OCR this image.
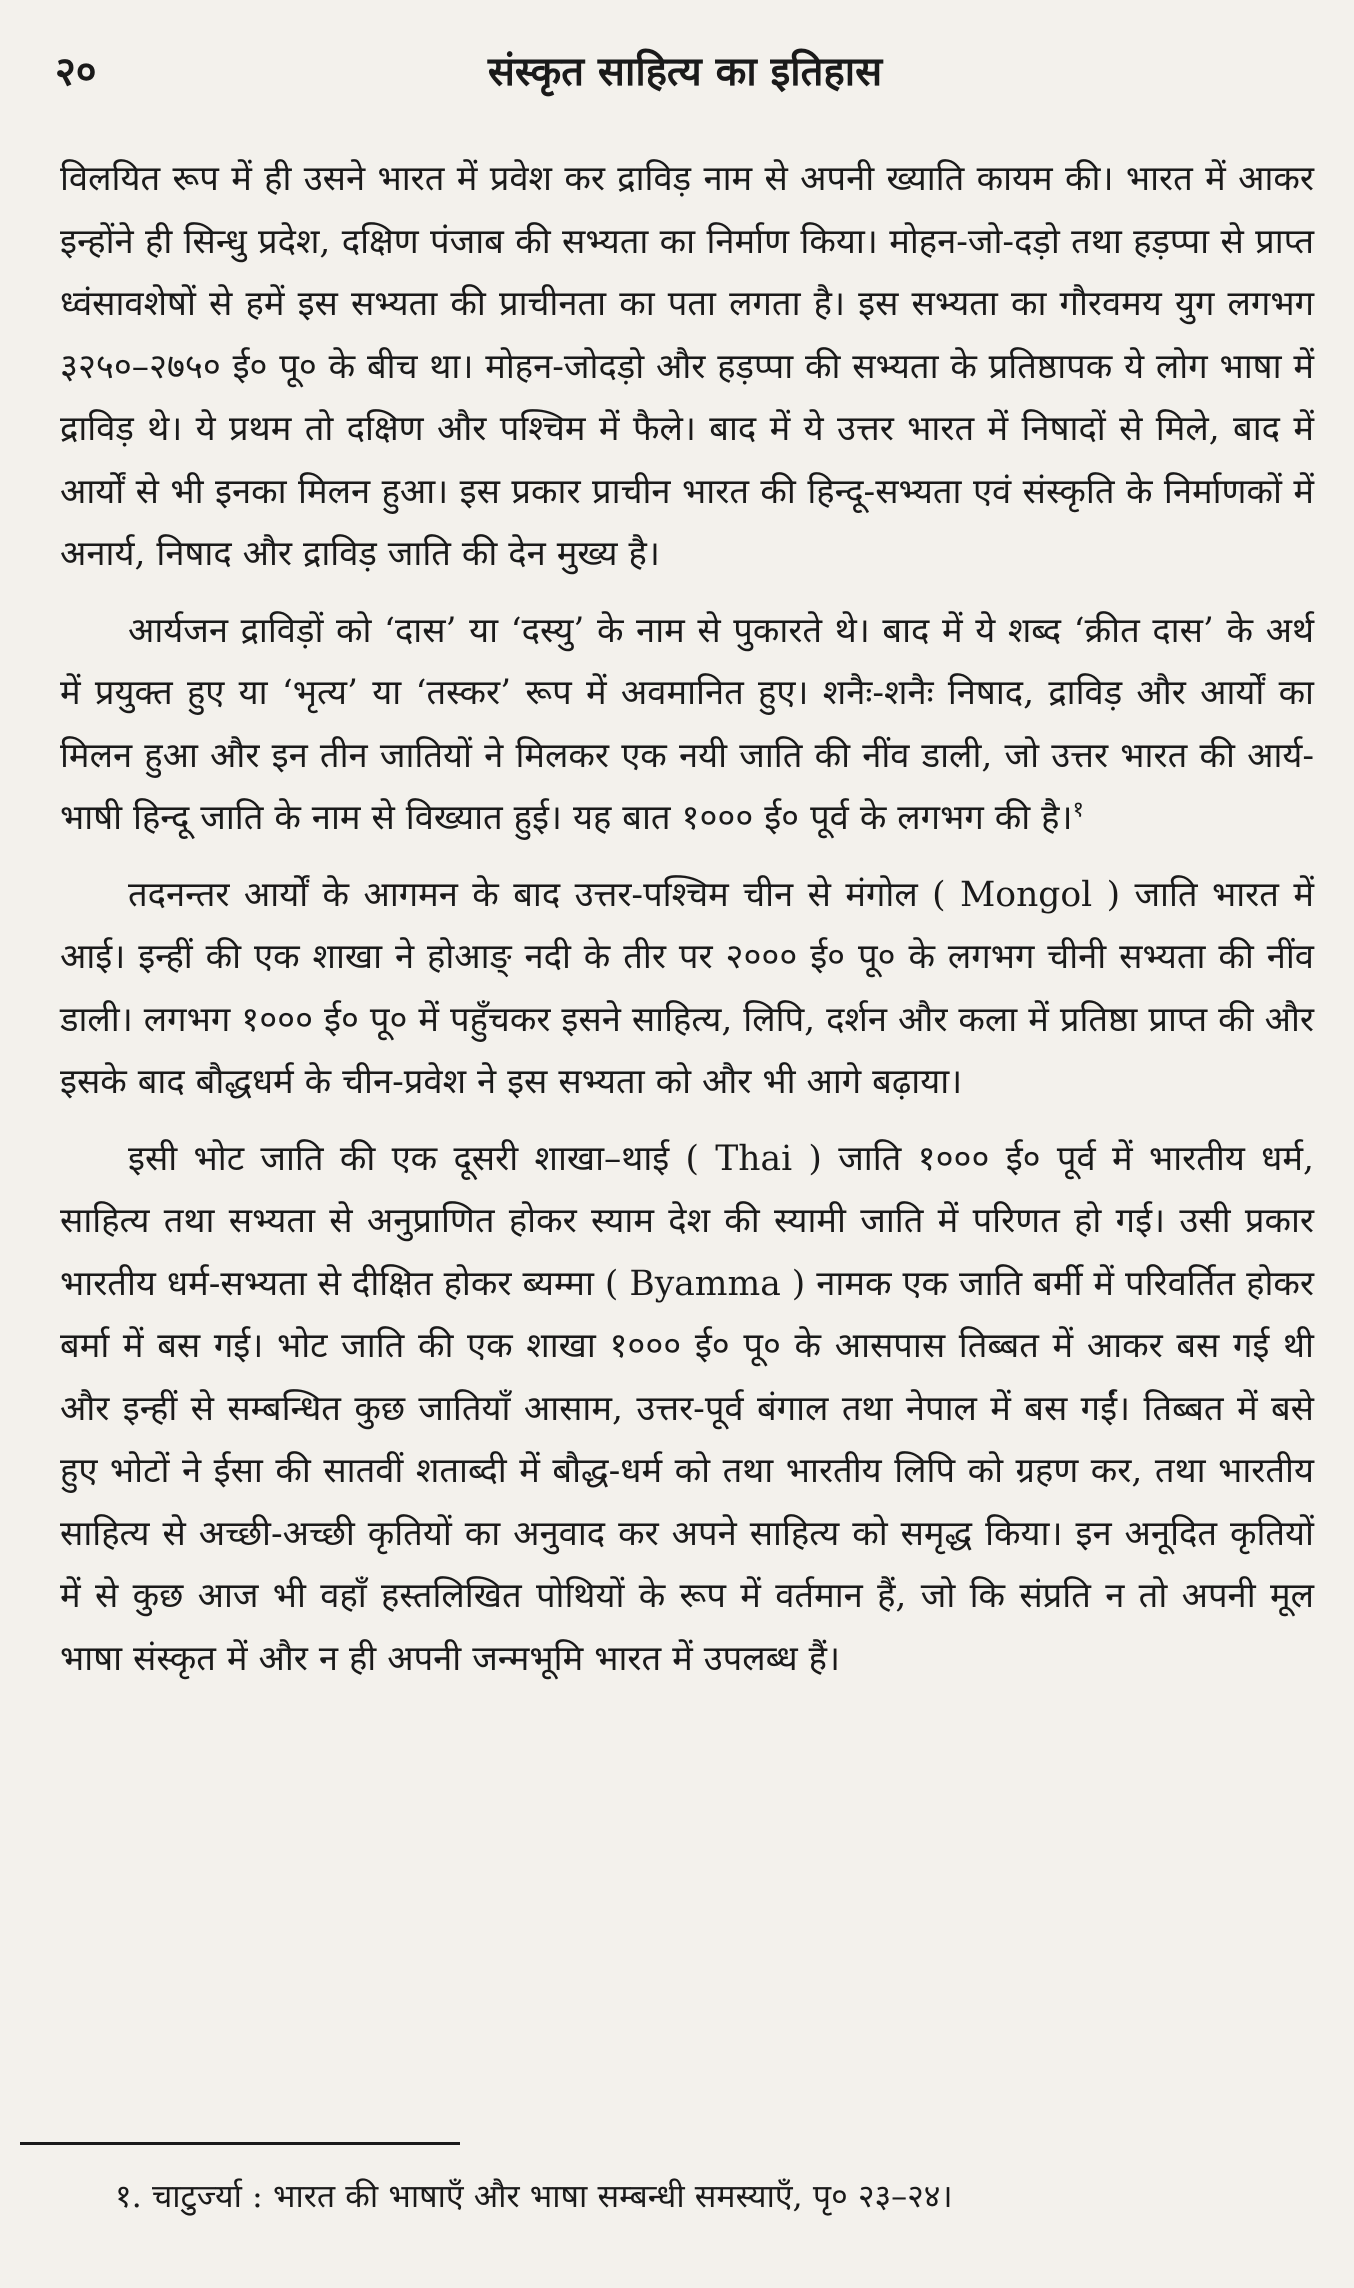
२०	संस्कृत साहित्य का इतिहास

विलयित रूप में ही उसने भारत में प्रवेश कर द्राविड़ नाम से अपनी ख्याति कायम की। भारत में आकर इन्होंने ही सिन्धु प्रदेश, दक्षिण पंजाब की सभ्यता का निर्माण किया। मोहन-जो-दड़ो तथा हड़प्पा से प्राप्त ध्वंसावशेषों से हमें इस सभ्यता की प्राचीनता का पता लगता है। इस सभ्यता का गौरवमय युग लगभग ३२५०–२७५० ई० पू० के बीच था। मोहन-जोदड़ो और हड़प्पा की सभ्यता के प्रतिष्ठापक ये लोग भाषा में द्राविड़ थे। ये प्रथम तो दक्षिण और पश्चिम में फैले। बाद में ये उत्तर भारत में निषादों से मिले, बाद में आर्यों से भी इनका मिलन हुआ। इस प्रकार प्राचीन भारत की हिन्दू-सभ्यता एवं संस्कृति के निर्माणकों में अनार्य, निषाद और द्राविड़ जाति की देन मुख्य है।

आर्यजन द्राविड़ों को ‘दास’ या ‘दस्यु’ के नाम से पुकारते थे। बाद में ये शब्द ‘क्रीत दास’ के अर्थ में प्रयुक्त हुए या ‘भृत्य’ या ‘तस्कर’ रूप में अवमानित हुए। शनैः-शनैः निषाद, द्राविड़ और आर्यों का मिलन हुआ और इन तीन जातियों ने मिलकर एक नयी जाति की नींव डाली, जो उत्तर भारत की आर्य-भाषी हिन्दू जाति के नाम से विख्यात हुई। यह बात १००० ई० पूर्व के लगभग की है।$^१$

तदनन्तर आर्यों के आगमन के बाद उत्तर-पश्चिम चीन से मंगोल ( Mongol ) जाति भारत में आई। इन्हीं की एक शाखा ने होआङ् नदी के तीर पर २००० ई० पू० के लगभग चीनी सभ्यता की नींव डाली। लगभग १००० ई० पू० में पहुँचकर इसने साहित्य, लिपि, दर्शन और कला में प्रतिष्ठा प्राप्त की और इसके बाद बौद्धधर्म के चीन-प्रवेश ने इस सभ्यता को और भी आगे बढ़ाया।

इसी भोट जाति की एक दूसरी शाखा–थाई ( Thai ) जाति १००० ई० पूर्व में भारतीय धर्म, साहित्य तथा सभ्यता से अनुप्राणित होकर स्याम देश की स्यामी जाति में परिणत हो गई। उसी प्रकार भारतीय धर्म-सभ्यता से दीक्षित होकर ब्यम्मा ( Byamma ) नामक एक जाति बर्मी में परिवर्तित होकर बर्मा में बस गई। भोट जाति की एक शाखा १००० ई० पू० के आसपास तिब्बत में आकर बस गई थी और इन्हीं से सम्बन्धित कुछ जातियाँ आसाम, उत्तर-पूर्व बंगाल तथा नेपाल में बस गईं। तिब्बत में बसे हुए भोटों ने ईसा की सातवीं शताब्दी में बौद्ध-धर्म को तथा भारतीय लिपि को ग्रहण कर, तथा भारतीय साहित्य से अच्छी-अच्छी कृतियों का अनुवाद कर अपने साहित्य को समृद्ध किया। इन अनूदित कृतियों में से कुछ आज भी वहाँ हस्तलिखित पोथियों के रूप में वर्तमान हैं, जो कि संप्रति न तो अपनी मूल भाषा संस्कृत में और न ही अपनी जन्मभूमि भारत में उपलब्ध हैं।

१. चाटुर्ज्या : भारत की भाषाएँ और भाषा सम्बन्धी समस्याएँ, पृ० २३–२४।
